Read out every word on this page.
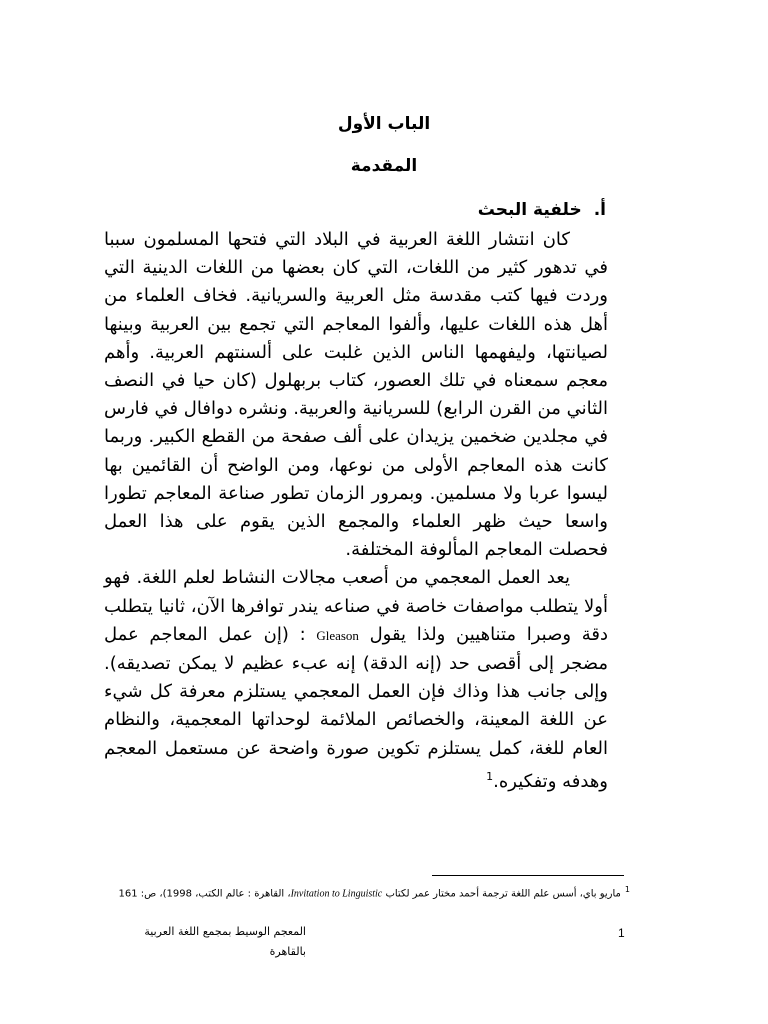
الباب الأول
المقدمة
أ.خلفية البحث

كان انتشار اللغة العربية في البلاد التي فتحها المسلمون سببا في تدهور كثير من اللغات، التي كان بعضها من اللغات الدينية التي وردت فيها كتب مقدسة مثل العربية والسريانية. فخاف العلماء من أهل هذه اللغات عليها، وألفوا المعاجم التي تجمع بين العربية وبينها لصيانتها، وليفهمها الناس الذين غلبت على ألسنتهم العربية. وأهم معجم سمعناه في تلك العصور، كتاب بربهلول (كان حيا في النصف الثاني من القرن الرابع) للسريانية والعربية. ونشره دوافال في فارس في مجلدين ضخمين يزيدان على ألف صفحة من القطع الكبير. وربما كانت هذه المعاجم الأولى من نوعها، ومن الواضح أن القائمين بها ليسوا عربا ولا مسلمين. وبمرور الزمان تطور صناعة المعاجم تطورا واسعا حيث ظهر العلماء والمجمع الذين يقوم على هذا العمل فحصلت المعاجم المألوفة المختلفة.

يعد العمل المعجمي من أصعب مجالات النشاط لعلم اللغة. فهو أولا يتطلب مواصفات خاصة في صناعه يندر توافرها الآن، ثانيا يتطلب دقة وصبرا متناهيين ولذا يقول Gleason : (إن عمل المعاجم عمل مضجر إلى أقصى حد (إنه الدقة) إنه عبء عظيم لا يمكن تصديقه). وإلى جانب هذا وذاك فإن العمل المعجمي يستلزم معرفة كل شيء عن اللغة المعينة، والخصائص الملائمة لوحداتها المعجمية، والنظام العام للغة، كمل يستلزم تكوين صورة واضحة عن مستعمل المعجم وهدفه وتفكيره.$^1$

$^1$ماريو باي، أسس علم اللغة ترجمة أحمد مختار عمر لكتاب Invitation to Linguistic، القاهرة : عالم الكتب، 1998)، ص: 161

المعجم الوسيط بمجمع اللغة العربية
بالقاهرة
1
